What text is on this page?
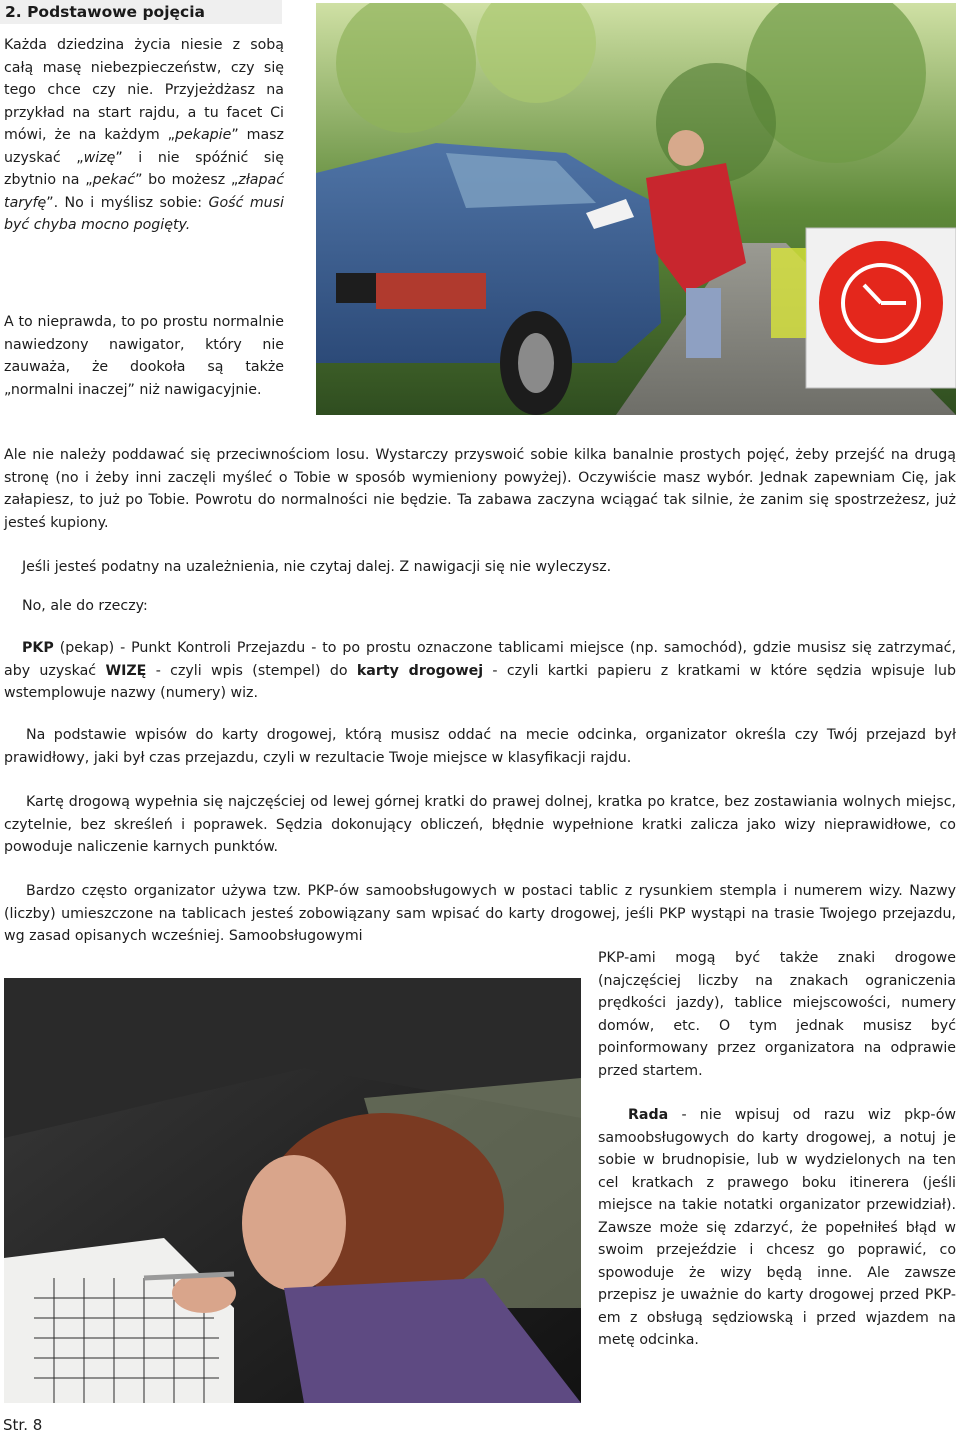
2. Podstawowe pojęcia

Każda dziedzina życia niesie z sobą całą masę niebezpieczeństw, czy się tego chce czy nie. Przyjeżdżasz na przykład na start rajdu, a tu facet Ci mówi, że na każdym „pekapie” masz uzyskać „wizę” i nie spóźnić się zbytnio na „pekać” bo możesz „złapać taryfę”. No i myślisz sobie: Gość musi być chyba mocno pogięty.

A to nieprawda, to po prostu normalnie nawiedzony nawigator, który nie zauważa, że dookoła są także „normalni inaczej” niż nawigacyjnie.

Ale nie należy poddawać się przeciwnościom losu. Wystarczy przyswoić sobie kilka banalnie prostych pojęć, żeby przejść na drugą stronę (no i żeby inni zaczęli myśleć o Tobie w sposób wymieniony powyżej). Oczywiście masz wybór. Jednak zapewniam Cię, jak załapiesz, to już po Tobie. Powrotu do normalności nie będzie. Ta zabawa zaczyna wciągać tak silnie, że zanim się spostrzeżesz, już jesteś kupiony.

Jeśli jesteś podatny na uzależnienia, nie czytaj dalej. Z nawigacji się nie wyleczysz.

No, ale do rzeczy:

PKP (pekap) - Punkt Kontroli Przejazdu - to po prostu oznaczone tablicami miejsce (np. samochód), gdzie musisz się zatrzymać, aby uzyskać WIZĘ - czyli wpis (stempel) do karty drogowej - czyli kartki papieru z kratkami w które sędzia wpisuje lub wstemplowuje nazwy (numery) wiz.

Na podstawie wpisów do karty drogowej, którą musisz oddać na mecie odcinka, organizator określa czy Twój przejazd był prawidłowy, jaki był czas przejazdu, czyli w rezultacie Twoje miejsce w klasyfikacji rajdu.

Kartę drogową wypełnia się najczęściej od lewej górnej kratki do prawej dolnej, kratka po kratce, bez zostawiania wolnych miejsc, czytelnie, bez skreśleń i poprawek. Sędzia dokonujący obliczeń, błędnie wypełnione kratki zalicza jako wizy nieprawidłowe, co powoduje naliczenie karnych punktów.

Bardzo często organizator używa tzw. PKP-ów samoobsługowych w postaci tablic z rysunkiem stempla i numerem wizy. Nazwy (liczby) umieszczone na tablicach jesteś zobowiązany sam wpisać do karty drogowej, jeśli PKP wystąpi na trasie Twojego przejazdu, wg zasad opisanych wcześniej. Samoobsługowymi

PKP-ami mogą być także znaki drogowe (najczęściej liczby na znakach ograniczenia prędkości jazdy), tablice miejscowości, numery domów, etc. O tym jednak musisz być poinformowany przez organizatora na odprawie przed startem.

Rada - nie wpisuj od razu wiz pkp-ów samoobsługowych do karty drogowej, a notuj je sobie w brudnopisie, lub w wydzielonych na ten cel kratkach z prawego boku itinerera (jeśli miejsce na takie notatki organizator przewidział). Zawsze może się zdarzyć, że popełniłeś błąd w swoim przejeździe i chcesz go poprawić, co spowoduje że wizy będą inne. Ale zawsze przepisz je uważnie do karty drogowej przed PKP-em z obsługą sędziowską i przed wjazdem na metę odcinka.

Str. 8
